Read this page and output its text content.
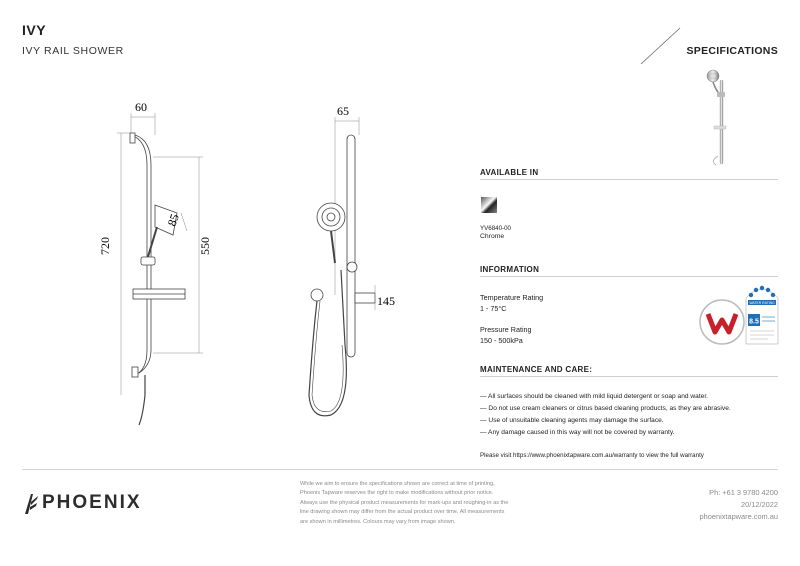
IVY
IVY RAIL SHOWER	SPECIFICATIONS
60
720
85
550
65
145
AVAILABLE IN
YV6840-00
Chrome
INFORMATION
Temperature Rating
1 - 75°C
Pressure Rating
150 - 500kPa
WATER RATING
8.5
MAINTENANCE AND CARE:
— All surfaces should be cleaned with mild liquid detergent or soap and water.
— Do not use cream cleaners or citrus based cleaning products, as they are abrasive.
— Use of unsuitable cleaning agents may damage the surface.
— Any damage caused in this way will not be covered by warranty.
Please visit https://www.phoenixtapware.com.au/warranty to view the full warranty
PHOENIX
While we aim to ensure the specifications shown are correct at time of printing,
Phoenix Tapware reserves the right to make modifications without prior notice.
Always use the physical product measurements for mark-ups and roughing-in as the
line drawing shown may differ from the actual product over time. All measurements
are shown in millimetres. Colours may vary from image shown.
Ph: +61 3 9780 4200
20/12/2022
phoenixtapware.com.au
